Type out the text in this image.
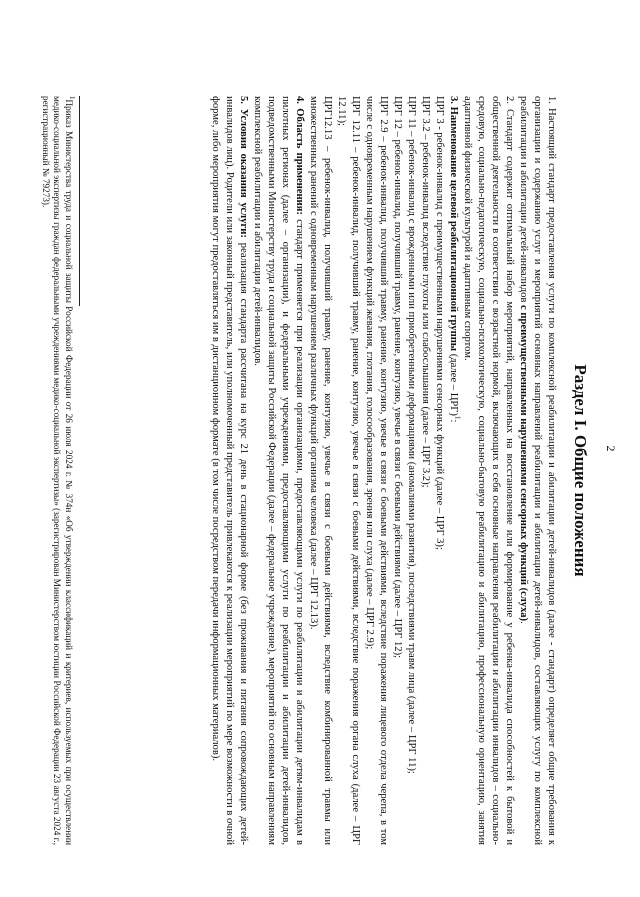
2
Раздел I. Общие положения

1. Настоящий стандарт предоставления услуги по комплексной реабилитации и абилитации детей-инвалидов (далее - стандарт) определяет общие требования к организации и содержанию услуг и мероприятий основных направлений реабилитации и абилитации детей-инвалидов, составляющих услугу по комплексной реабилитации и абилитации детей-инвалидов с преимущественными нарушениями сенсорных функций (слуха).

2. Стандарт содержит оптимальный набор мероприятий, направленных на восстановление или формирование у ребенка-инвалида способностей к бытовой и общественной деятельности в соответствии с возрастной нормой, включающих в себя основные направления реабилитации и абилитации инвалидов – социально-средовую, социально-педагогическую, социально-психологическую, социально-бытовую реабилитацию и абилитацию, профессиональную ориентацию, занятия адаптивной физической культурой и адаптивным спортом.

3. Наименование целевой реабилитационной группы (далее – ЦРГ)$^1$:

ЦРГ 3 - ребенок-инвалид с преимущественными нарушениями сенсорных функций (далее – ЦРГ 3);

ЦРГ 3.2 – ребенок-инвалид вследствие глухоты или слабослышания (далее – ЦРГ 3.2);

ЦРГ 11 – ребенок-инвалид с врожденными или приобретенными деформациями (аномалиями развития), последствиями травм лица (далее – ЦРГ 11);

ЦРГ 12 – ребенок-инвалид, получивший травму, ранение, контузию, увечье в связи с боевыми действиями (далее – ЦРГ 12);

ЦРГ 2.9 – ребенок-инвалид, получивший травму, ранение, контузию, увечье в связи с боевыми действиями, вследствие поражения лицевого отдела черепа, в том числе с одновременным нарушением функций жевания, глотания, голосообразования, зрения или слуха (далее – ЦРГ 2.9);

ЦРГ 12.11 – ребенок-инвалид, получивший травму, ранение, контузию, увечье в связи с боевыми действиями, вследствие поражения органа слуха (далее – ЦРГ 12.11);

ЦРГ12.13 – ребенок-инвалид, получивший травму, ранение, контузию, увечье в связи с боевыми действиями, вследствие комбинированной травмы или множественных ранений с одновременным нарушением различных функций организма человека (далее – ЦРГ 12.13).

4. Область применения: стандарт применяется при реализации организациями, предоставляющими услуги по реабилитации и абилитации детям-инвалидам в пилотных регионах (далее – организации), и федеральными учреждениями, предоставляющими услуги по реабилитации и абилитации детей-инвалидов, подведомственными Министерству труда и социальной защиты Российской Федерации (далее – федеральное учреждение), мероприятий по основным направлениям комплексной реабилитации и абилитации детей-инвалидов.

5. Условия оказания услуги: реализация стандарта рассчитана на курс 21 день в стационарной форме (без проживания и питания сопровождающих детей-инвалидов лиц). Родители или законный представитель, или уполномоченный представитель привлекаются к реализации мероприятий по мере возможности в очной форме, либо мероприятия могут предоставляться им в дистанционном формате (в том числе посредством передачи информационных материалов).

$^1$Приказ Министерства труда и социальной защиты Российской Федерации от 26 июля 2024 г. № 374н «Об утверждении классификаций и критериев, используемых при осуществлении медико-социальной экспертизы граждан федеральными учреждениями медико-социальной экспертизы» (зарегистрирован Министерством юстиции Российской Федерации 23 августа 2024 г., регистрационный № 79273).
